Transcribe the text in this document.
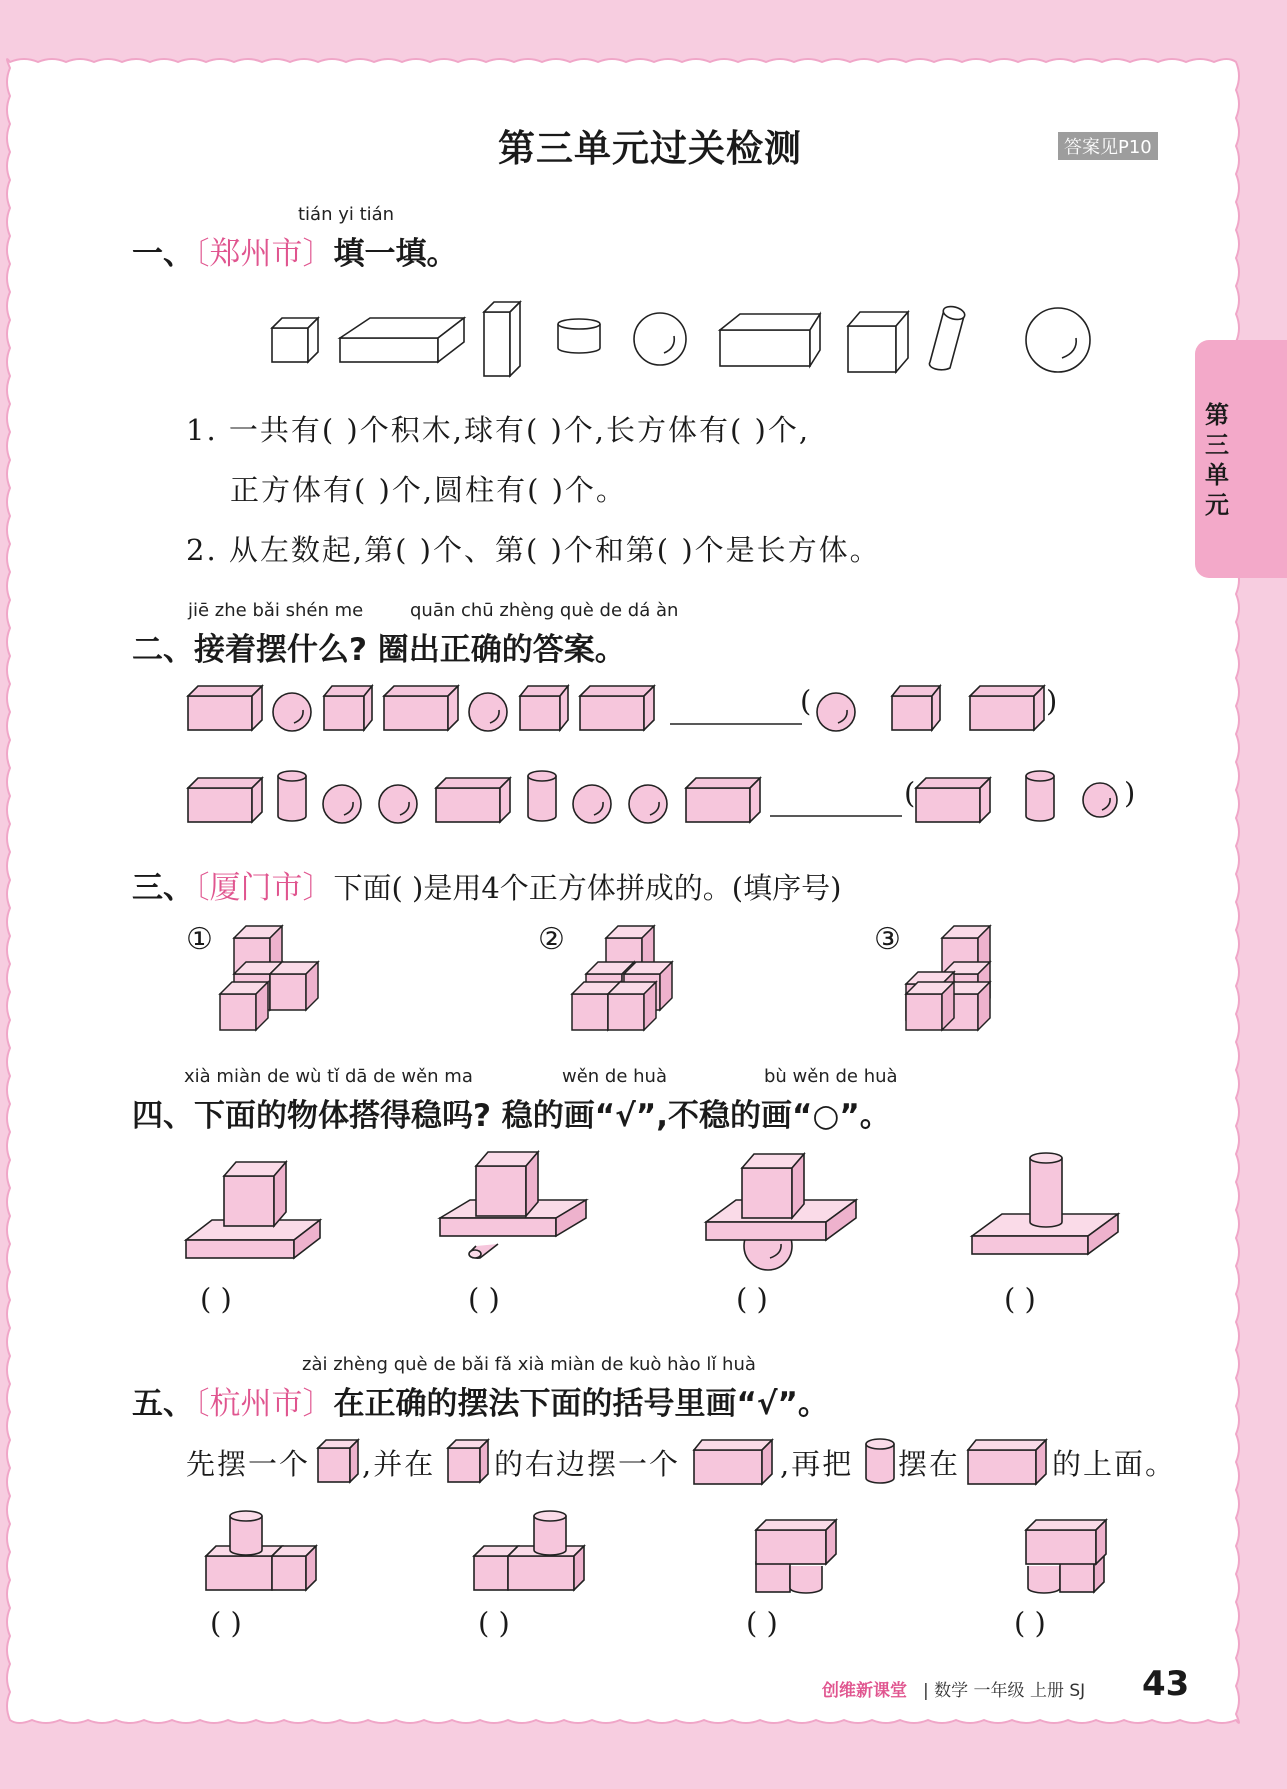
第三单元过关检测	答案见P10
第三单元
tián yi tián
一、〔郑州市〕填一填。
1. 一共有( )个积木,球有( )个,长方体有( )个,
正方体有( )个,圆柱有( )个。
2. 从左数起,第( )个、第( )个和第( )个是长方体。
jiē zhe bǎi shén me	quān chū zhèng què de dá àn
二、接着摆什么? 圈出正确的答案。
(	)
(	)
三、〔厦门市〕下面( )是用4个正方体拼成的。(填序号)
①	②	③
xià miàn de wù tǐ dā de wěn ma	wěn de huà	bù wěn de huà
四、下面的物体搭得稳吗? 稳的画“√”,不稳的画“○”。
( )	( )	( )	( )
zài zhèng què de bǎi fǎ xià miàn de kuò hào lǐ huà
五、〔杭州市〕在正确的摆法下面的括号里画“√”。
先摆一个 ,并在 的右边摆一个	,再把 摆在	的上面。
( )	( )	( )	( )
创维新课堂 | 数学 一年级 上册 SJ 43
